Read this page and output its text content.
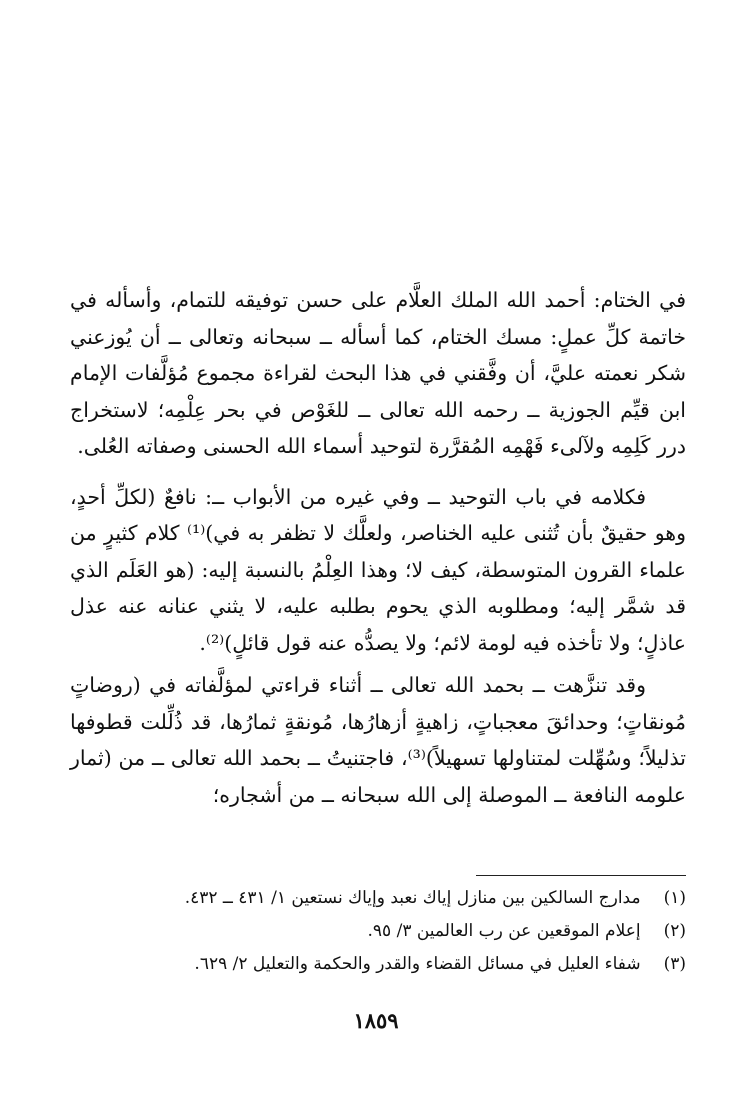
في الختام: أحمد الله الملك العلَّام على حسن توفيقه للتمام، وأسأله في خاتمة كلِّ عملٍ: مسك الختام، كما أسأله ــ سبحانه وتعالى ــ أن يُوزعني شكر نعمته عليَّ، أن وفَّقني في هذا البحث لقراءة مجموع مُؤلَّفات الإمام ابن قيِّم الجوزية ــ رحمه الله تعالى ــ للغَوْص في بحر عِلْمِه؛ لاستخراج درر كَلِمِه ولآلىء فَهْمِه المُقرَّرة لتوحيد أسماء الله الحسنى وصفاته العُلى.

فكلامه في باب التوحيد ــ وفي غيره من الأبواب ــ: نافعٌ (لكلِّ أحدٍ، وهو حقيقٌ بأن تُثنى عليه الخناصر، ولعلَّك لا تظفر به في)⁽¹⁾ كلام كثيرٍ من علماء القرون المتوسطة، كيف لا؛ وهذا العِلْمُ بالنسبة إليه: (هو العَلَم الذي قد شمَّر إليه؛ ومطلوبه الذي يحوم بطلبه عليه، لا يثني عنانه عنه عذل عاذلٍ؛ ولا تأخذه فيه لومة لائم؛ ولا يصدُّه عنه قول قائلٍ)⁽²⁾.

وقد تنزَّهت ــ بحمد الله تعالى ــ أثناء قراءتي لمؤلَّفاته في (روضاتٍ مُونقاتٍ؛ وحدائقَ معجباتٍ، زاهيةٍ أزهارُها، مُونقةٍ ثمارُها، قد ذُلِّلت قطوفها تذليلاً؛ وسُهِّلت لمتناولها تسهيلاً)⁽³⁾، فاجتنيتُ ــ بحمد الله تعالى ــ من (ثمار علومه النافعة ــ الموصلة إلى الله سبحانه ــ من أشجاره؛

(١) مدارج السالكين بين منازل إياك نعبد وإياك نستعين ١/ ٤٣١ ــ ٤٣٢.
(٢) إعلام الموقعين عن رب العالمين ٣/ ٩٥.
(٣) شفاء العليل في مسائل القضاء والقدر والحكمة والتعليل ٢/ ٦٢٩.
١٨٥٩
